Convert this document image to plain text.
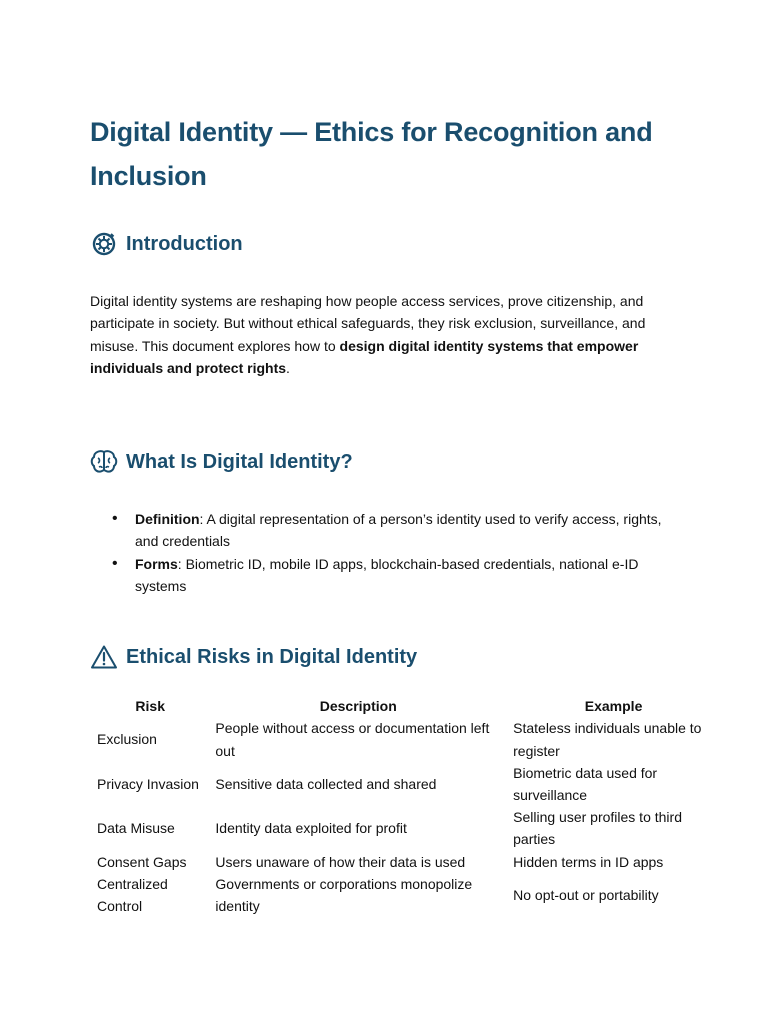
Digital Identity — Ethics for Recognition and Inclusion
Introduction

Digital identity systems are reshaping how people access services, prove citizenship, and participate in society. But without ethical safeguards, they risk exclusion, surveillance, and misuse. This document explores how to design digital identity systems that empower individuals and protect rights.

What Is Digital Identity?
• Definition: A digital representation of a person’s identity used to verify access, rights, and credentials
• Forms: Biometric ID, mobile ID apps, blockchain-based credentials, national e-ID systems
Ethical Risks in Digital Identity
Risk	Description	Example
Exclusion	People without access or documentation left out	Stateless individuals unable to register
Privacy Invasion	Sensitive data collected and shared	Biometric data used for surveillance
Data Misuse	Identity data exploited for profit	Selling user profiles to third parties
Consent Gaps	Users unaware of how their data is used	Hidden terms in ID apps
Centralized Control	Governments or corporations monopolize identity	No opt-out or portability
